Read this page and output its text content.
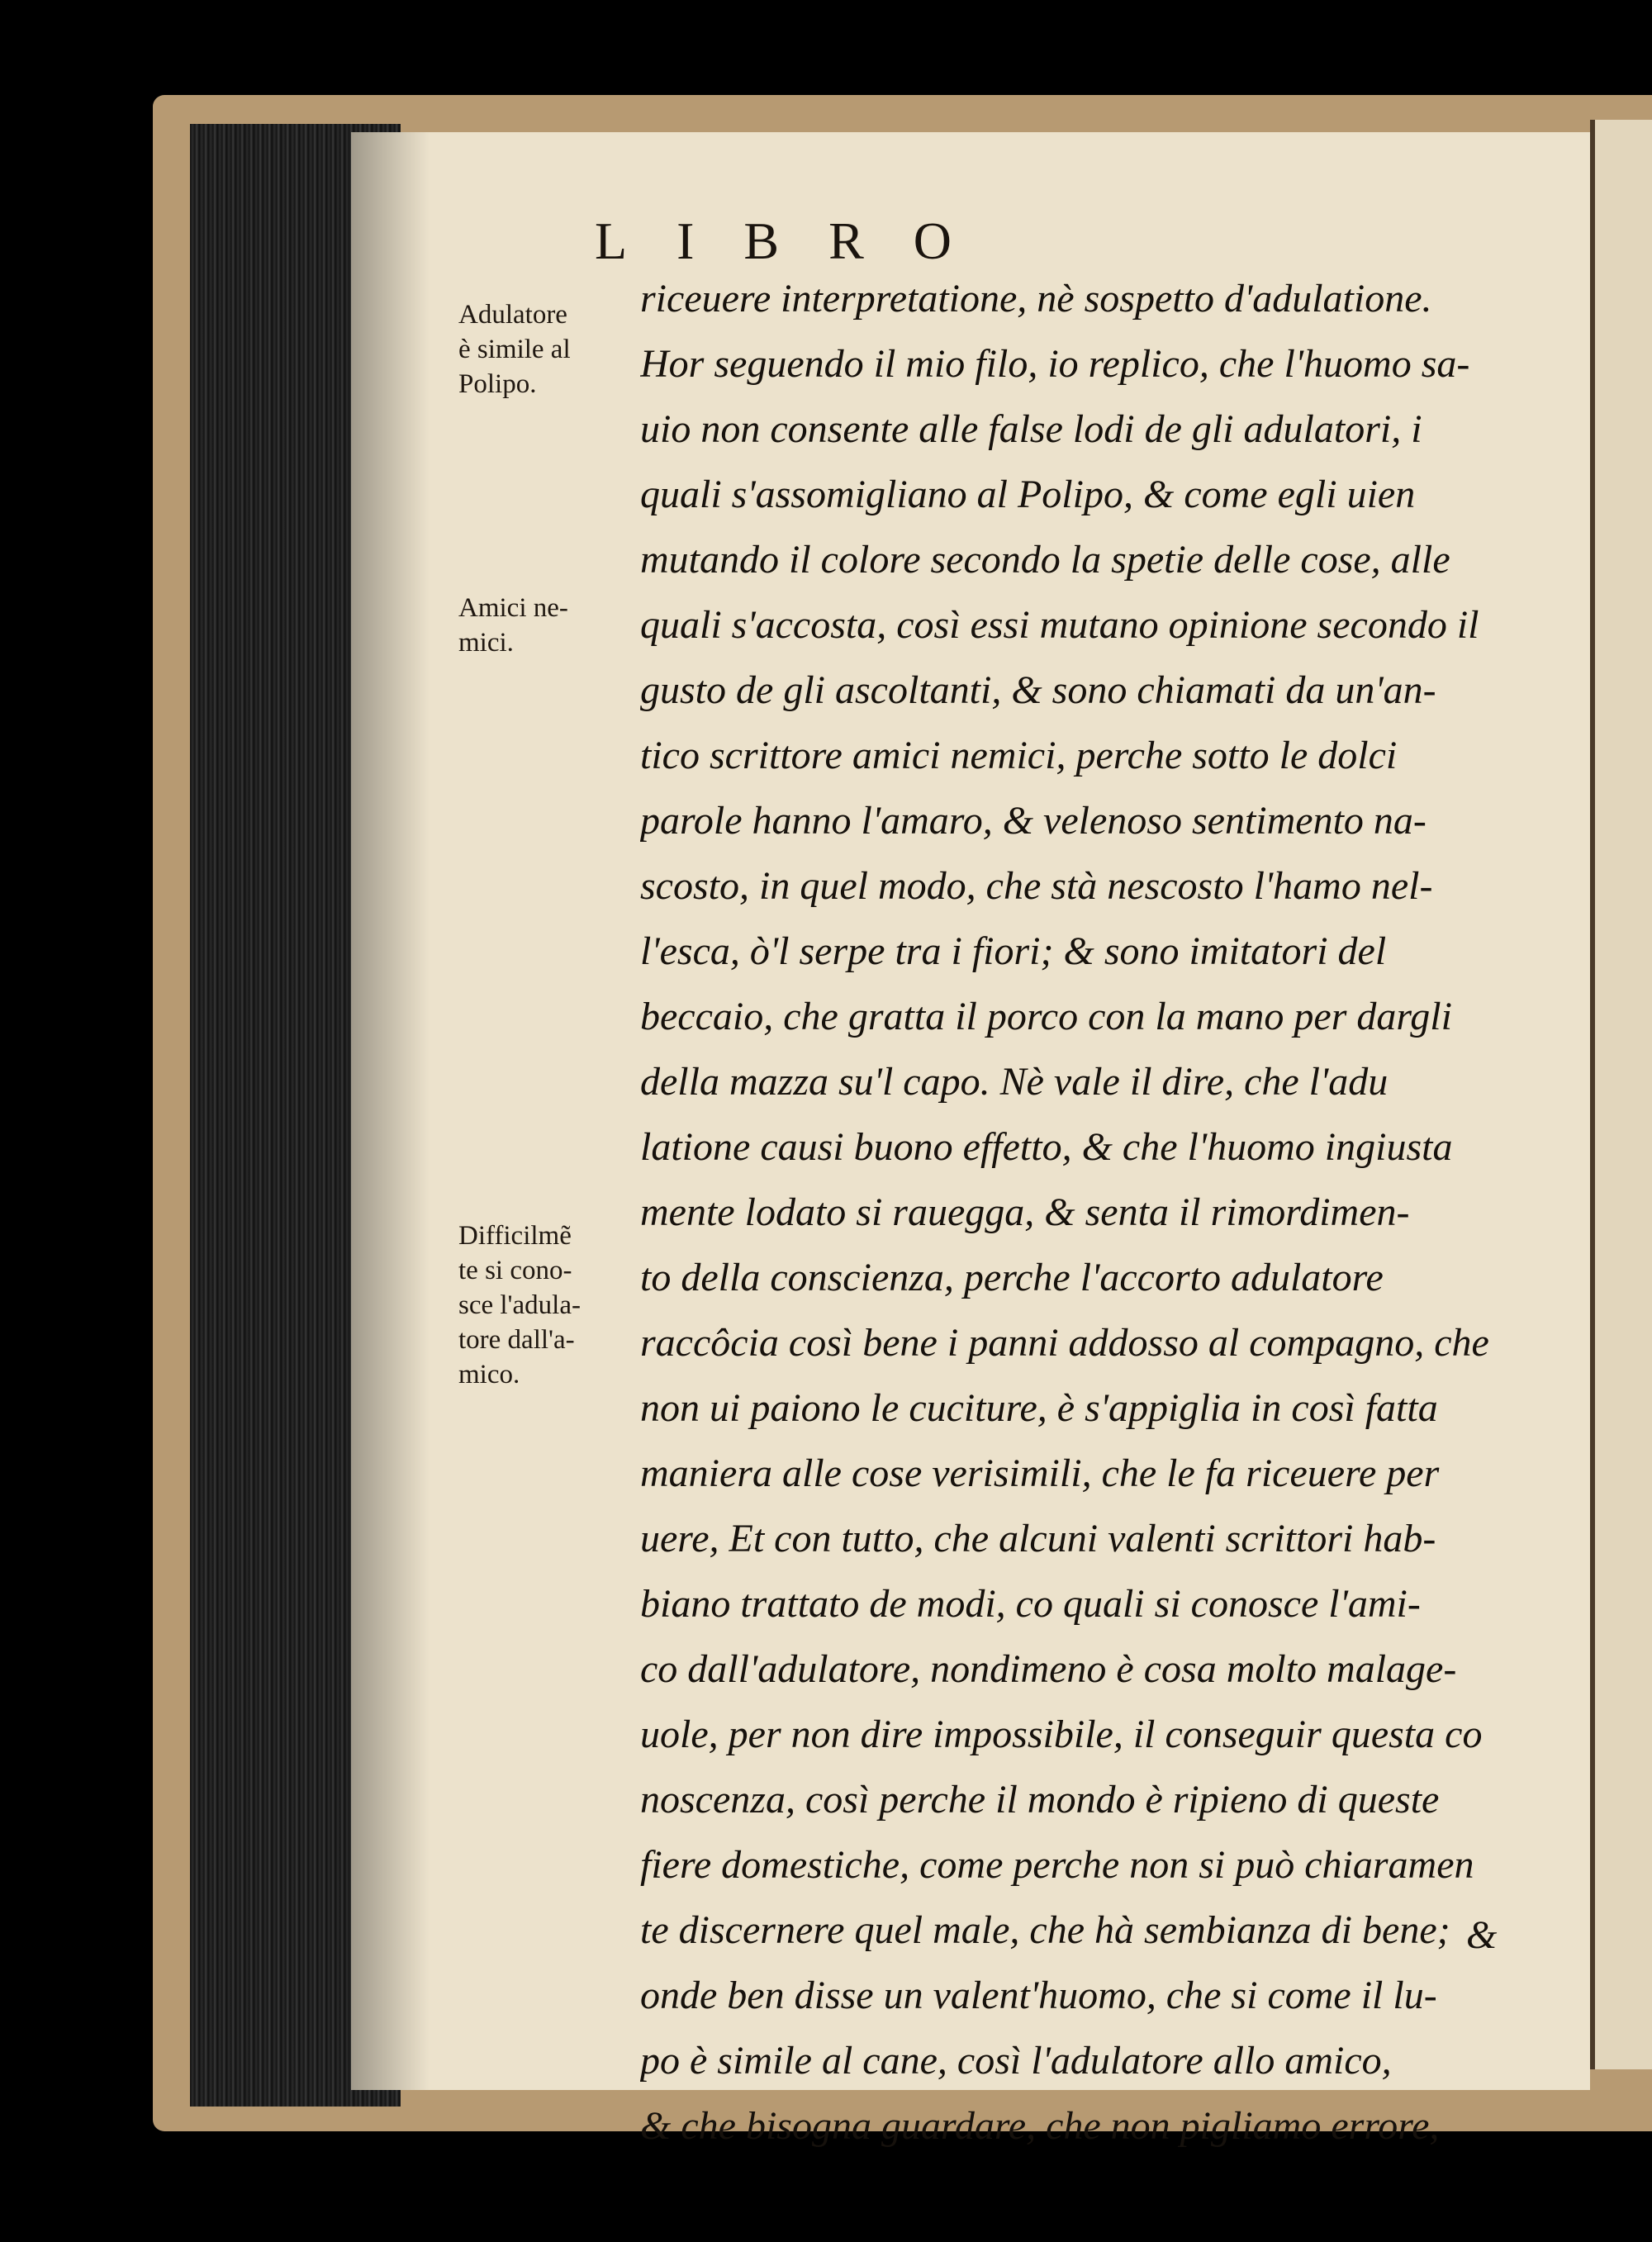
LIBRO
Adulatore
è simile al
Polipo.
Amici ne-
mici.
Difficilmẽ
te si cono-
sce l'adula-
tore dall'a-
mico.
riceuere interpretatione, nè sospetto d'adulatione.
Hor seguendo il mio filo, io replico, che l'huomo sa-
uio non consente alle false lodi de gli adulatori, i
quali s'assomigliano al Polipo, & come egli uien
mutando il colore secondo la spetie delle cose, alle
quali s'accosta, così essi mutano opinione secondo il
gusto de gli ascoltanti, & sono chiamati da un'an-
tico scrittore amici nemici, perche sotto le dolci
parole hanno l'amaro, & velenoso sentimento na-
scosto, in quel modo, che stà nescosto l'hamo nel-
l'esca, ò'l serpe tra i fiori; & sono imitatori del
beccaio, che gratta il porco con la mano per dargli
della mazza su'l capo. Nè vale il dire, che l'adu
latione causi buono effetto, & che l'huomo ingiusta
mente lodato si rauegga, & senta il rimordimen-
to della conscienza, perche l'accorto adulatore
raccôcia così bene i panni addosso al compagno, che
non ui paiono le cuciture, è s'appiglia in così fatta
maniera alle cose verisimili, che le fa riceuere per
uere, Et con tutto, che alcuni valenti scrittori hab-
biano trattato de modi, co quali si conosce l'ami-
co dall'adulatore, nondimeno è cosa molto malage-
uole, per non dire impossibile, il conseguir questa co
noscenza, così perche il mondo è ripieno di queste
fiere domestiche, come perche non si può chiaramen
te discernere quel male, che hà sembianza di bene;
onde ben disse un valent'huomo, che si come il lu-
po è simile al cane, così l'adulatore allo amico,
& che bisogna guardare, che non pigliamo errore,
&
